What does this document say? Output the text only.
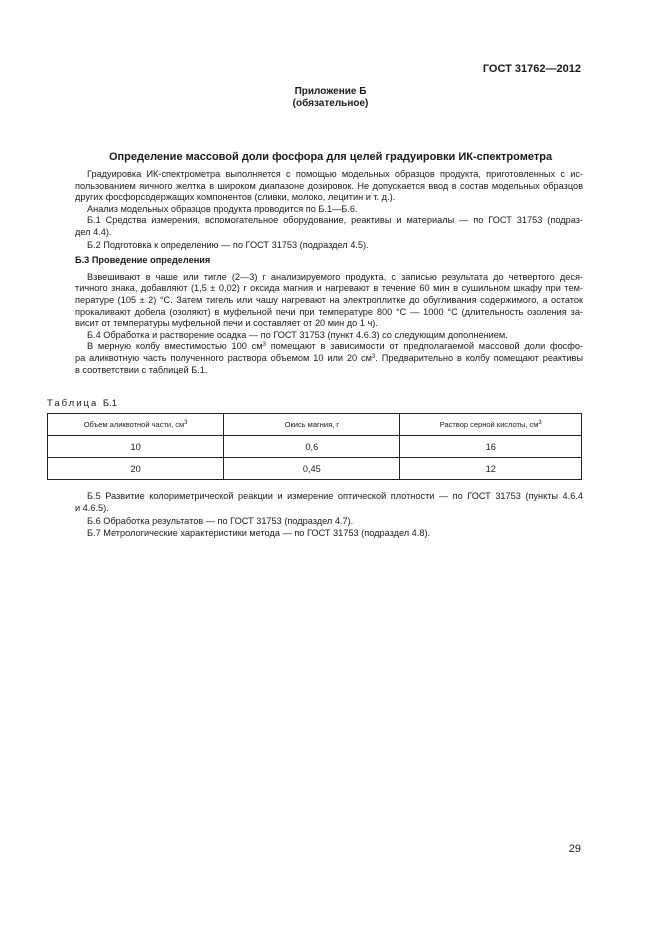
ГОСТ 31762—2012
Приложение Б
(обязательное)
Определение массовой доли фосфора для целей градуировки ИК-спектрометра
Градуировка ИК-спектрометра выполняется с помощью модельных образцов продукта, приготовленных с ис-
пользованием яичного желтка в широком диапазоне дозировок. Не допускается ввод в состав модельных образцов
других фосфорсодержащих компонентов (сливки, молоко, лецитин и т. д.).
Анализ модельных образцов продукта проводится по Б.1—Б.6.
Б.1 Средства измерения, вспомогательное оборудование, реактивы и материалы — по ГОСТ 31753 (подраз-
дел 4.4).
Б.2 Подготовка к определению — по ГОСТ 31753 (подраздел 4.5).
Б.3 Проведение определения
Взвешивают в чаше или тигле (2—3) г анализируемого продукта, с записью результата до четвертого деся-
тичного знака, добавляют (1,5 ± 0,02) г оксида магния и нагревают в течение 60 мин в сушильном шкафу при тем-
пературе (105 ± 2) °С. Затем тигель или чашу нагревают на электроплитке до обугливания содержимого, а остаток
прокаливают добела (озоляют) в муфельной печи при температуре 800 °С — 1000 °С (длительность озоления за-
висит от температуры муфельной печи и составляет от 20 мин до 1 ч).
Б.4 Обработка и растворение осадка — по ГОСТ 31753 (пункт 4.6.3) со следующим дополнением.
В мерную колбу вместимостью 100 $см^3$ помещают в зависимости от предполагаемой массовой доли фосфо-
ра аликвотную часть полученного раствора объемом 10 или 20 $см^3$. Предварительно в колбу помещают реактивы
в соответствии с таблицей Б.1.
Таблица Б.1
Объем аликвотной части, $см^3$	Окись магния, г	Раствор серной кислоты, $см^3$
10	0,6	16
20	0,45	12
Б.5 Развитие колориметрической реакции и измерение оптической плотности — по ГОСТ 31753 (пункты 4.6.4
и 4.6.5).
Б.6 Обработка результатов — по ГОСТ 31753 (подраздел 4.7).
Б.7 Метрологические характеристики метода — по ГОСТ 31753 (подраздел 4.8).
29
